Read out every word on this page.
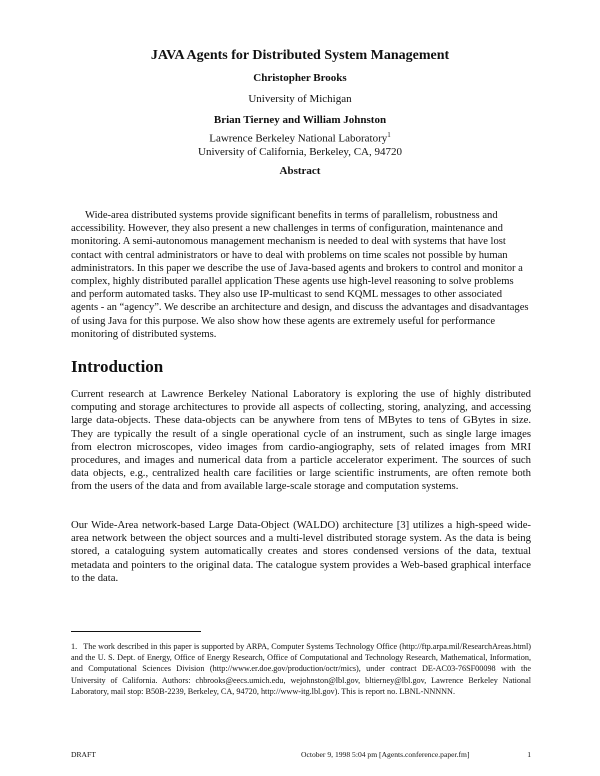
JAVA Agents for Distributed System Management
Christopher Brooks
University of Michigan
Brian Tierney and William Johnston
Lawrence Berkeley National Laboratory$^1$
University of California, Berkeley, CA, 94720
Abstract
Wide-area distributed systems provide significant benefits in terms of parallelism, robustness and accessibility. However, they also present a new challenges in terms of configuration, maintenance and monitoring. A semi-autonomous management mechanism is needed to deal with systems that have lost contact with central administrators or have to deal with problems on time scales not possible by human administrators. In this paper we describe the use of Java-based agents and brokers to control and monitor a complex, highly distributed parallel application These agents use high-level reasoning to solve problems and perform automated tasks. They also use IP-multicast to send KQML messages to other associated agents - an “agency”. We describe an architecture and design, and discuss the advantages and disadvantages of using Java for this purpose. We also show how these agents are extremely useful for performance monitoring of distributed systems.
Introduction
Current research at Lawrence Berkeley National Laboratory is exploring the use of highly distributed computing and storage architectures to provide all aspects of collecting, storing, analyzing, and accessing large data-objects. These data-objects can be anywhere from tens of MBytes to tens of GBytes in size. They are typically the result of a single operational cycle of an instrument, such as single large images from electron microscopes, video images from cardio-angiography, sets of related images from MRI procedures, and images and numerical data from a particle accelerator experiment. The sources of such data objects, e.g., centralized health care facilities or large scientific instruments, are often remote both from the users of the data and from available large-scale storage and computation systems.
Our Wide-Area network-based Large Data-Object (WALDO) architecture [3] utilizes a high-speed wide-area network between the object sources and a multi-level distributed storage system. As the data is being stored, a cataloguing system automatically creates and stores condensed versions of the data, textual metadata and pointers to the original data. The catalogue system provides a Web-based graphical interface to the data.
1. The work described in this paper is supported by ARPA, Computer Systems Technology Office (http://ftp.arpa.mil/ResearchAreas.html) and the U. S. Dept. of Energy, Office of Energy Research, Office of Computational and Technology Research, Mathematical, Information, and Computational Sciences Division (http://www.er.doe.gov/production/octr/mics), under contract DE-AC03-76SF00098 with the University of California. Authors: chbrooks@eecs.umich.edu, wejohnston@lbl.gov, bltierney@lbl.gov, Lawrence Berkeley National Laboratory, mail stop: B50B-2239, Berkeley, CA, 94720, http://www-itg.lbl.gov). This is report no. LBNL-NNNNN.
DRAFT	October 9, 1998 5:04 pm [Agents.conference.paper.fm]	1
